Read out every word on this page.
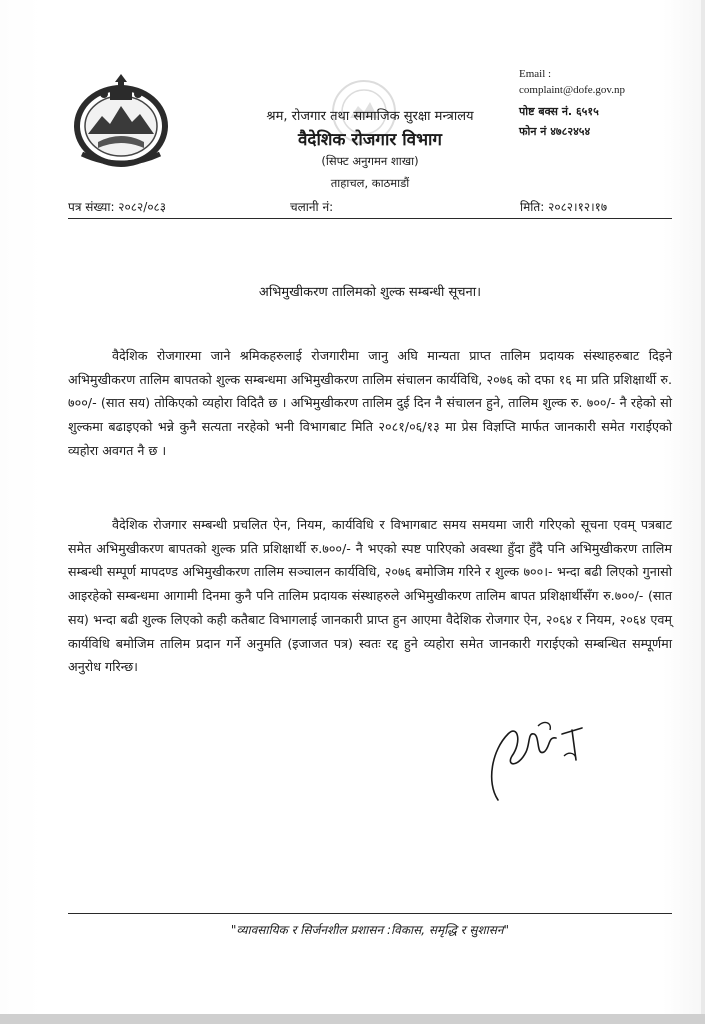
श्रम, रोजगार तथा सामाजिक सुरक्षा मन्त्रालय
वैदेशिक रोजगार विभाग
(सिफ्ट अनुगमन शाखा)
ताहाचल, काठमाडौं
Email :
complaint@dofe.gov.np
पोष्ट बक्स नं. ६५१५
फोन नं ४७८२४५४
पत्र संख्या: २०८२/०८३	चलानी नं:	मिति: २०८२।१२।१७
अभिमुखीकरण तालिमको शुल्क सम्बन्धी सूचना।

वैदेशिक रोजगारमा जाने श्रमिकहरुलाई रोजगारीमा जानु अघि मान्यता प्राप्त तालिम प्रदायक संस्थाहरुबाट दिइने अभिमुखीकरण तालिम बापतको शुल्क सम्बन्धमा अभिमुखीकरण तालिम संचालन कार्यविधि, २०७६ को दफा १६ मा प्रति प्रशिक्षार्थी रु. ७००/- (सात सय) तोकिएको व्यहोरा विदितै छ । अभिमुखीकरण तालिम दुई दिन नै संचालन हुने, तालिम शुल्क रु. ७००/- नै रहेको सो शुल्कमा बढाइएको भन्ने कुनै सत्यता नरहेको भनी विभागबाट मिति २०८१/०६/१३ मा प्रेस विज्ञप्ति मार्फत जानकारी समेत गराईएको व्यहोरा अवगत नै छ ।

वैदेशिक रोजगार सम्बन्धी प्रचलित ऐन, नियम, कार्यविधि र विभागबाट समय समयमा जारी गरिएको सूचना एवम् पत्रबाट समेत अभिमुखीकरण बापतको शुल्क प्रति प्रशिक्षार्थी रु.७००/- नै भएको स्पष्ट पारिएको अवस्था हुँदा हुँदै पनि अभिमुखीकरण तालिम सम्बन्धी सम्पूर्ण मापदण्ड अभिमुखीकरण तालिम सञ्चालन कार्यविधि, २०७६ बमोजिम गरिने र शुल्क ७००।- भन्दा बढी लिएको गुनासो आइरहेको सम्बन्धमा आगामी दिनमा कुनै पनि तालिम प्रदायक संस्थाहरुले अभिमुखीकरण तालिम बापत प्रशिक्षार्थीसँग रु.७००/- (सात सय) भन्दा बढी शुल्क लिएको कही कतैबाट विभागलाई जानकारी प्राप्त हुन आएमा वैदेशिक रोजगार ऐन, २०६४ र नियम, २०६४ एवम् कार्यविधि बमोजिम तालिम प्रदान गर्ने अनुमति (इजाजत पत्र) स्वतः रद्द हुने व्यहोरा समेत जानकारी गराईएको सम्बन्धित सम्पूर्णमा अनुरोध गरिन्छ।

"व्यावसायिक र सिर्जनशील प्रशासन :विकास, समृद्धि र सुशासन"
